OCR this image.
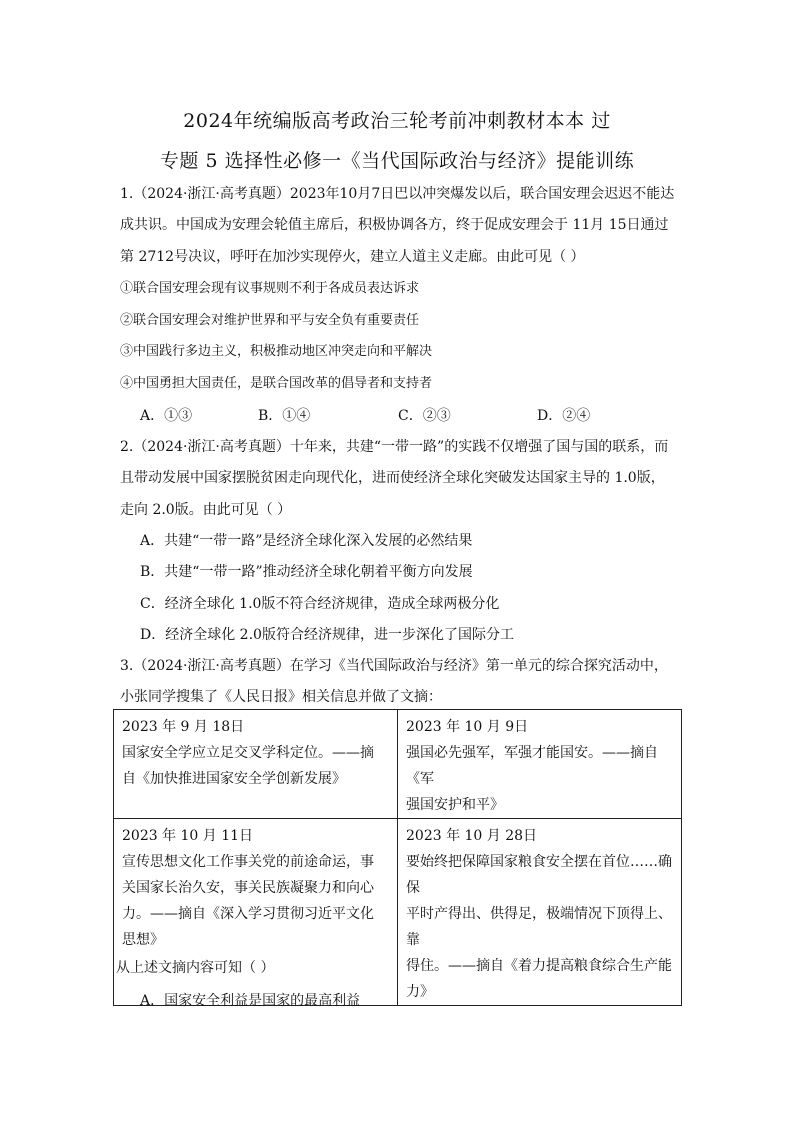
2024年统编版高考政治三轮考前冲刺教材本本 过
专题 5 选择性必修一《当代国际政治与经济》提能训练
1.（2024·浙江·高考真题）2023年10月7日巴以冲突爆发以后，联合国安理会迟迟不能达
成共识。中国成为安理会轮值主席后，积极协调各方，终于促成安理会于 11月 15日通过
第 2712号决议，呼吁在加沙实现停火，建立人道主义走廊。由此可见（ ）
①联合国安理会现有议事规则不利于各成员表达诉求
②联合国安理会对维护世界和平与安全负有重要责任
③中国践行多边主义，积极推动地区冲突走向和平解决
④中国勇担大国责任，是联合国改革的倡导者和支持者
A．①③	B．①④	C．②③	D．②④
2.（2024·浙江·高考真题）十年来，共建“一带一路”的实践不仅增强了国与国的联系，而
且带动发展中国家摆脱贫困走向现代化，进而使经济全球化突破发达国家主导的 1.0版，
走向 2.0版。由此可见（ ）
A．共建“一带一路”是经济全球化深入发展的必然结果
B．共建“一带一路”推动经济全球化朝着平衡方向发展
C．经济全球化 1.0版不符合经济规律，造成全球两极分化
D．经济全球化 2.0版符合经济规律，进一步深化了国际分工
3.（2024·浙江·高考真题）在学习《当代国际政治与经济》第一单元的综合探究活动中，
小张同学搜集了《人民日报》相关信息并做了文摘：
2023 年 9 月 18日
国家安全学应立足交叉学科定位。——摘
自《加快推进国家安全学创新发展》	2023 年 10 月 9日
强国必先强军，军强才能国安。——摘自《军
强国安护和平》

2023 年 10 月 11日
宣传思想文化工作事关党的前途命运，事
关国家长治久安，事关民族凝聚力和向心
力。——摘自《深入学习贯彻习近平文化
思想》	2023 年 10 月 28日
要始终把保障国家粮食安全摆在首位……确保
平时产得出、供得足，极端情况下顶得上、靠
得住。——摘自《着力提高粮食综合生产能
力》
从上述文摘内容可知（ ）
A．国家安全利益是国家的最高利益
